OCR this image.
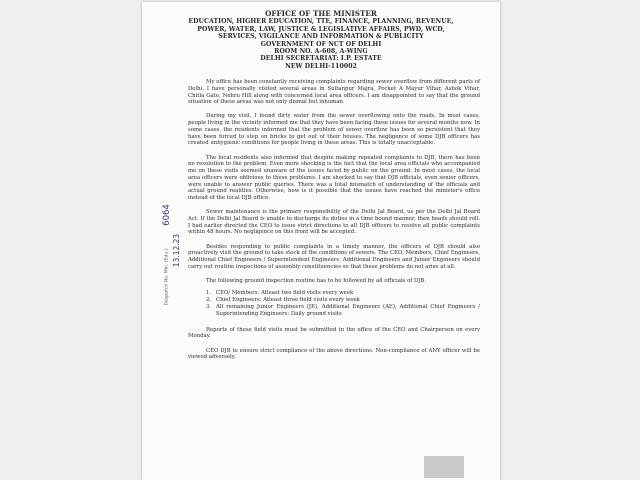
OFFICE OF THE MINISTER
EDUCATION, HIGHER EDUCATION, TTE, FINANCE, PLANNING, REVENUE,
POWER, WATER, LAW, JUSTICE & LEGISLATIVE AFFAIRS, PWD, WCD,
SERVICES, VIGILANCE AND INFORMATION & PUBLICITY
GOVERNMENT OF NCT OF DELHI
ROOM NO. A-608, A-WING
DELHI SECRETARIAT: I.P. ESTATE
NEW DELHI-110002
Despatch No. Min. (Edu.)
6064
13.12.23

My office has been constantly receiving complaints regarding sewer overflow from different parts of Delhi. I have personally visited several areas in Sultanpur Majra, Pocket A Mayur Vihar, Ashok Vihar, Chitla Gate, Nehru Hill along with concerned local area officers. I am disappointed to say that the ground situation of these areas was not only dismal but inhuman.

During my visit, I found dirty water from the sewer overflowing onto the roads. In most cases, people living in the vicinity informed me that they have been facing these issues for several months now. In some cases, the residents informed that the problem of sewer overflow has been so persistent that they have been forced to step on bricks to get out of their houses. The negligence of some DJB officers has created unhygienic conditions for people living in these areas. This is totally unacceptable.

The local residents also informed that despite making repeated complaints to DJB, there has been no resolution to the problem. Even more shocking is the fact that the local area officials who accompanied me on these visits seemed unaware of the issues faced by public on the ground. In most cases, the local area officers were oblivious to these problems. I am shocked to say that DJB officials, even senior officers, were unable to answer public queries. There was a total mismatch of understanding of the officials and actual ground realities. Otherwise, how is it possible that the issues have reached the minister's office instead of the local DJB office.

Sewer maintenance is the primary responsibility of the Delhi Jal Board, us per the Delhi Jal Board Act. If the Delhi Jal Board is unable to discharge its duties in a time bound manner, then heads should roll. I had earlier directed the CEO to issue strict directions to all DJB officers to resolve all public complaints within 48 hours. No negligence on this front will be accepted.

Besides responding to public complaints in a timely manner, the officers of DJB should also proactively visit the ground to take stock of the conditions of sewers. The CEO, Members, Chief Engineers, Additional Chief Engineers / Superintendent Engineers, Additional Engineers and Junior Engineers should carry out routine inspections of assembly constituencies so that these problems do not arise at all.

The following ground inspection routine has to be followed by all officials of DJB.

1. CEO/ Members: Atleast two field visits every week
2. Chief Engineers: Atleast three field visits every week
3. All remaining Junior Engineers (JE), Additional Engineers (AE), Additional Chief Engineers / Superintending Engineers: Daily ground visits

Reports of these field visits must be submitted in the office of the CEO and Chairperson on every Monday.

CEO DJB to ensure strict compliance of the above directions. Non-compliance of ANY officer will be viewed adversely.
